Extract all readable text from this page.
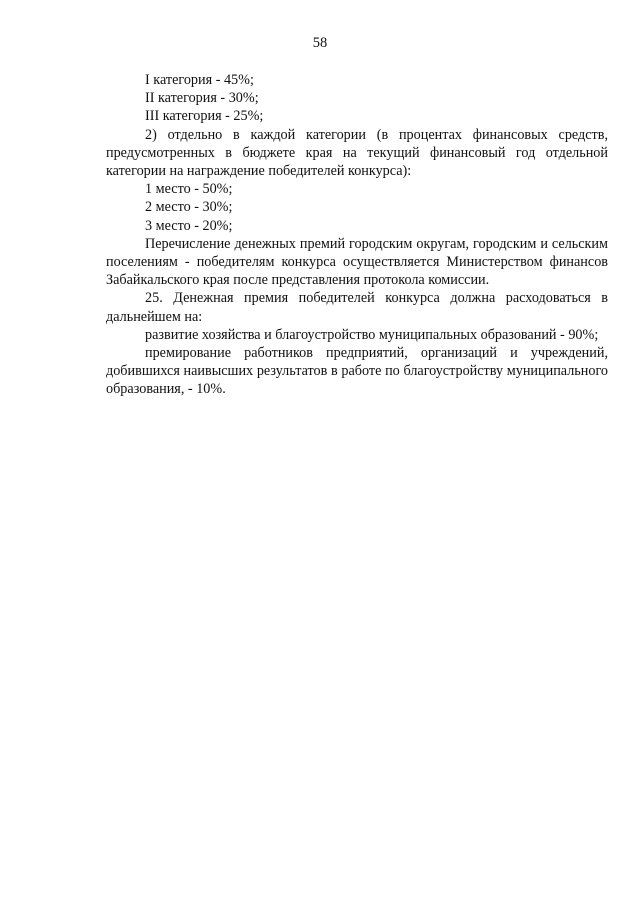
58

I категория - 45%;

II категория - 30%;

III категория - 25%;

2) отдельно в каждой категории (в процентах финансовых средств, предусмотренных в бюджете края на текущий финансовый год отдельной категории на награждение победителей конкурса):

1 место - 50%;

2 место - 30%;

3 место - 20%;

Перечисление денежных премий городским округам, городским и сельским поселениям - победителям конкурса осуществляется Министерством финансов Забайкальского края после представления протокола комиссии.

25. Денежная премия победителей конкурса должна расходоваться в дальнейшем на:

развитие хозяйства и благоустройство муниципальных образований - 90%;

премирование работников предприятий, организаций и учреждений, добившихся наивысших результатов в работе по благоустройству муниципального образования, - 10%.
